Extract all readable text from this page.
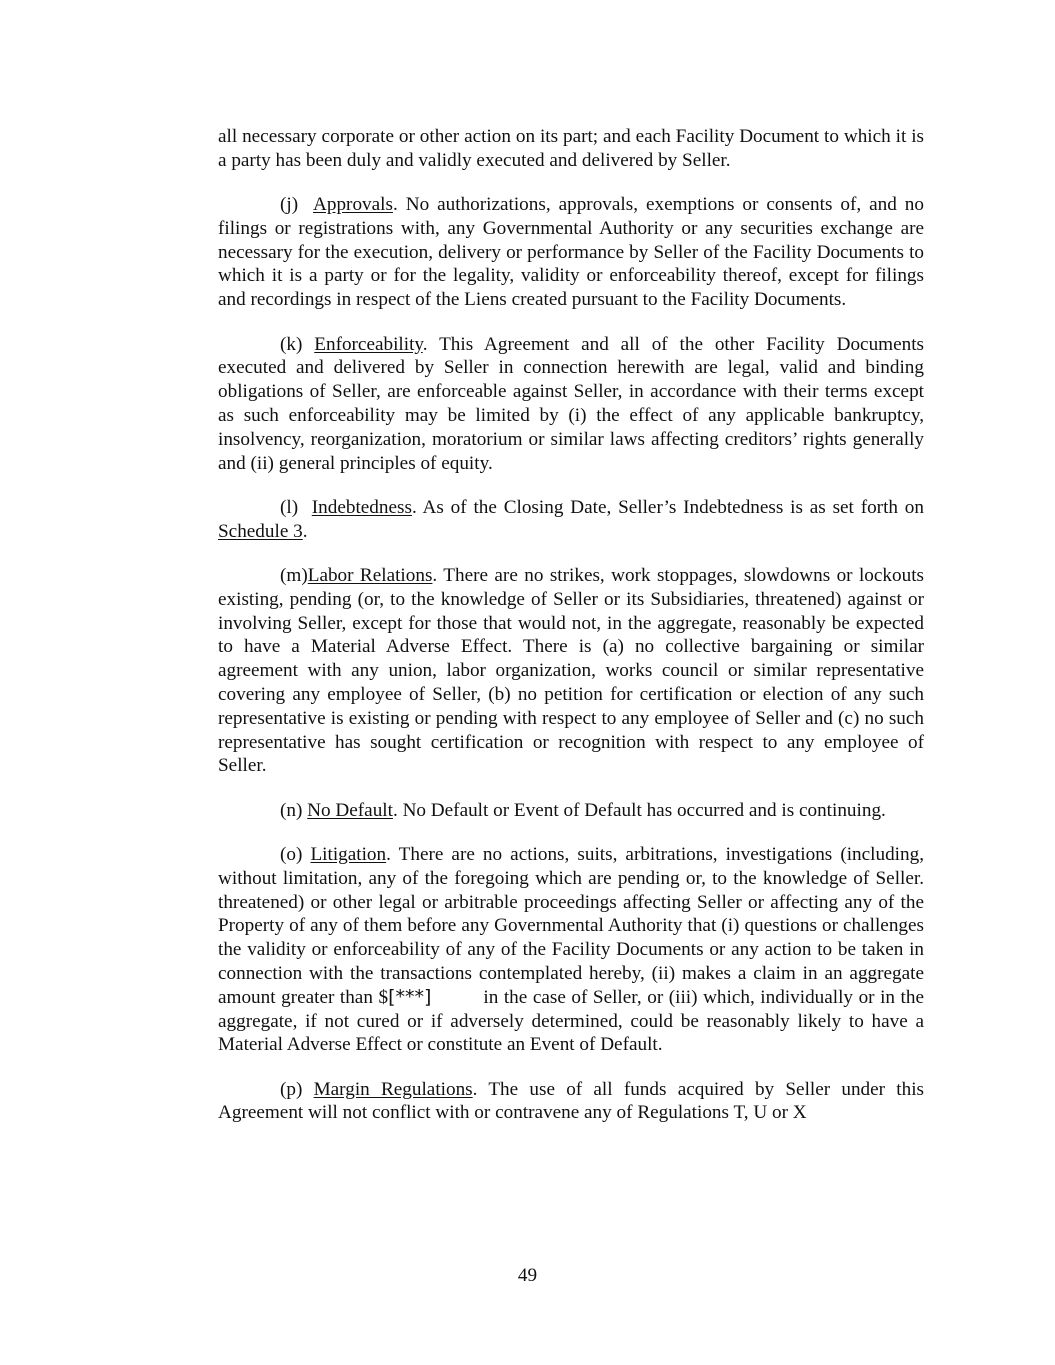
all necessary corporate or other action on its part; and each Facility Document to which it is a party has been duly and validly executed and delivered by Seller.

(j) Approvals. No authorizations, approvals, exemptions or consents of, and no filings or registrations with, any Governmental Authority or any securities exchange are necessary for the execution, delivery or performance by Seller of the Facility Documents to which it is a party or for the legality, validity or enforceability thereof, except for filings and recordings in respect of the Liens created pursuant to the Facility Documents.

(k) Enforceability. This Agreement and all of the other Facility Documents executed and delivered by Seller in connection herewith are legal, valid and binding obligations of Seller, are enforceable against Seller, in accordance with their terms except as such enforceability may be limited by (i) the effect of any applicable bankruptcy, insolvency, reorganization, moratorium or similar laws affecting creditors’ rights generally and (ii) general principles of equity.

(l) Indebtedness. As of the Closing Date, Seller’s Indebtedness is as set forth on Schedule 3.

(m)Labor Relations. There are no strikes, work stoppages, slowdowns or lockouts existing, pending (or, to the knowledge of Seller or its Subsidiaries, threatened) against or involving Seller, except for those that would not, in the aggregate, reasonably be expected to have a Material Adverse Effect. There is (a) no collective bargaining or similar agreement with any union, labor organization, works council or similar representative covering any employee of Seller, (b) no petition for certification or election of any such representative is existing or pending with respect to any employee of Seller and (c) no such representative has sought certification or recognition with respect to any employee of Seller.

(n) No Default. No Default or Event of Default has occurred and is continuing.

(o) Litigation. There are no actions, suits, arbitrations, investigations (including, without limitation, any of the foregoing which are pending or, to the knowledge of Seller. threatened) or other legal or arbitrable proceedings affecting Seller or affecting any of the Property of any of them before any Governmental Authority that (i) questions or challenges the validity or enforceability of any of the Facility Documents or any action to be taken in connection with the transactions contemplated hereby, (ii) makes a claim in an aggregate amount greater than $[***]	in the case of Seller, or (iii) which, individually or in the aggregate, if not cured or if adversely determined, could be reasonably likely to have a Material Adverse Effect or constitute an Event of Default.

(p) Margin Regulations. The use of all funds acquired by Seller under this Agreement will not conflict with or contravene any of Regulations T, U or X

49
